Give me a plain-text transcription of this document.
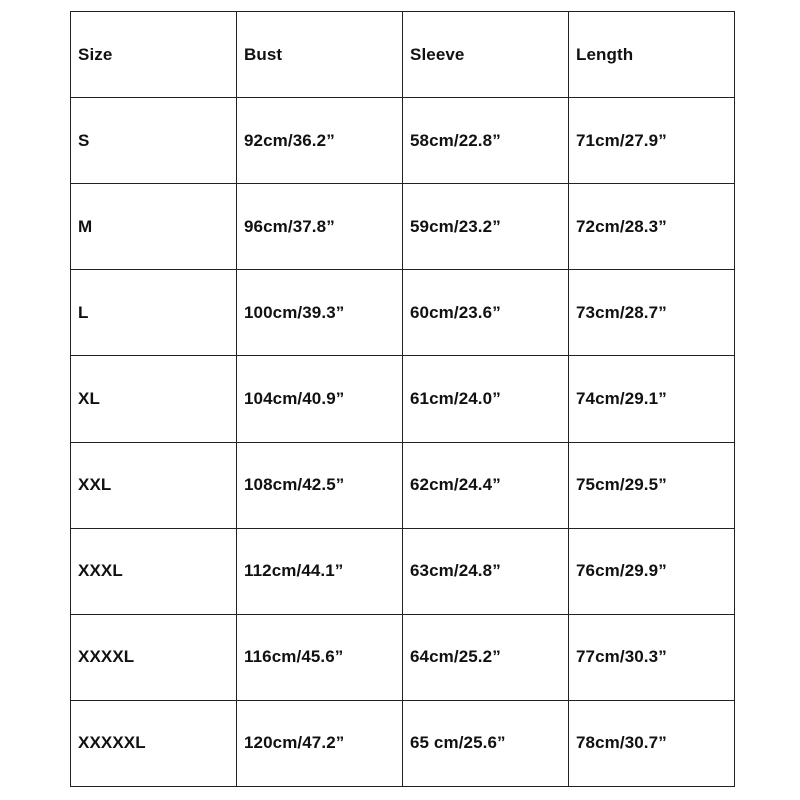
Size	Bust	Sleeve	Length
S	92cm/36.2”	58cm/22.8”	71cm/27.9”
M	96cm/37.8”	59cm/23.2”	72cm/28.3”
L	100cm/39.3”	60cm/23.6”	73cm/28.7”
XL	104cm/40.9”	61cm/24.0”	74cm/29.1”
XXL	108cm/42.5”	62cm/24.4”	75cm/29.5”
XXXL	112cm/44.1”	63cm/24.8”	76cm/29.9”
XXXXL	116cm/45.6”	64cm/25.2”	77cm/30.3”
XXXXXL	120cm/47.2”	65 cm/25.6”	78cm/30.7”
